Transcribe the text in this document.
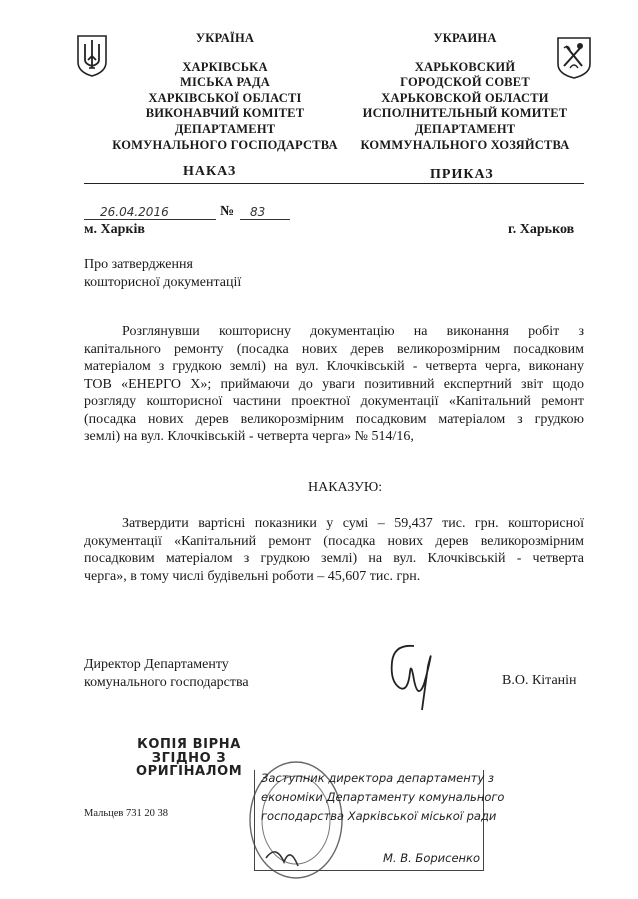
УКРАЇНА
ХАРКІВСЬКА
МІСЬКА РАДА
ХАРКІВСЬКОЇ ОБЛАСТІ
ВИКОНАВЧИЙ КОМІТЕТ
ДЕПАРТАМЕНТ
КОМУНАЛЬНОГО ГОСПОДАРСТВА
УКРАИНА
ХАРЬКОВСКИЙ
ГОРОДСКОЙ СОВЕТ
ХАРЬКОВСКОЙ ОБЛАСТИ
ИСПОЛНИТЕЛЬНЫЙ КОМИТЕТ
ДЕПАРТАМЕНТ
КОММУНАЛЬНОГО ХОЗЯЙСТВА
НАКАЗ	ПРИКАЗ
26.04.2016	№ 83
м. Харків	г. Харьков
Про затвердження
кошторисної документації
Розглянувши кошторисну документацію на виконання робіт з
капітального ремонту (посадка нових дерев великорозмірним посадковим
матеріалом з грудкою землі) на вул. Клочківській - четверта черга, виконану
ТОВ «ЕНЕРГО Х»; приймаючи до уваги позитивний експертний звіт щодо
розгляду кошторисної частини проектної документації «Капітальний ремонт
(посадка нових дерев великорозмірним посадковим матеріалом з грудкою
землі) на вул. Клочківській - четверта черга» № 514/16,
НАКАЗУЮ:
Затвердити вартісні показники у сумі – 59,437 тис. грн. кошторисної
документації «Капітальний ремонт (посадка нових дерев великорозмірним
посадковим матеріалом з грудкою землі) на вул. Клочківській - четверта
черга», в тому числі будівельні роботи – 45,607 тис. грн.
Директор Департаменту
комунального господарства	В.О. Кітанін
КОПІЯ ВІРНА
ЗГІДНО З
ОРИГІНАЛОМ
Мальцев 731 20 38
Заступник директора департаменту з
економіки Департаменту комунального
господарства Харківської міської ради
М. В. Борисенко
